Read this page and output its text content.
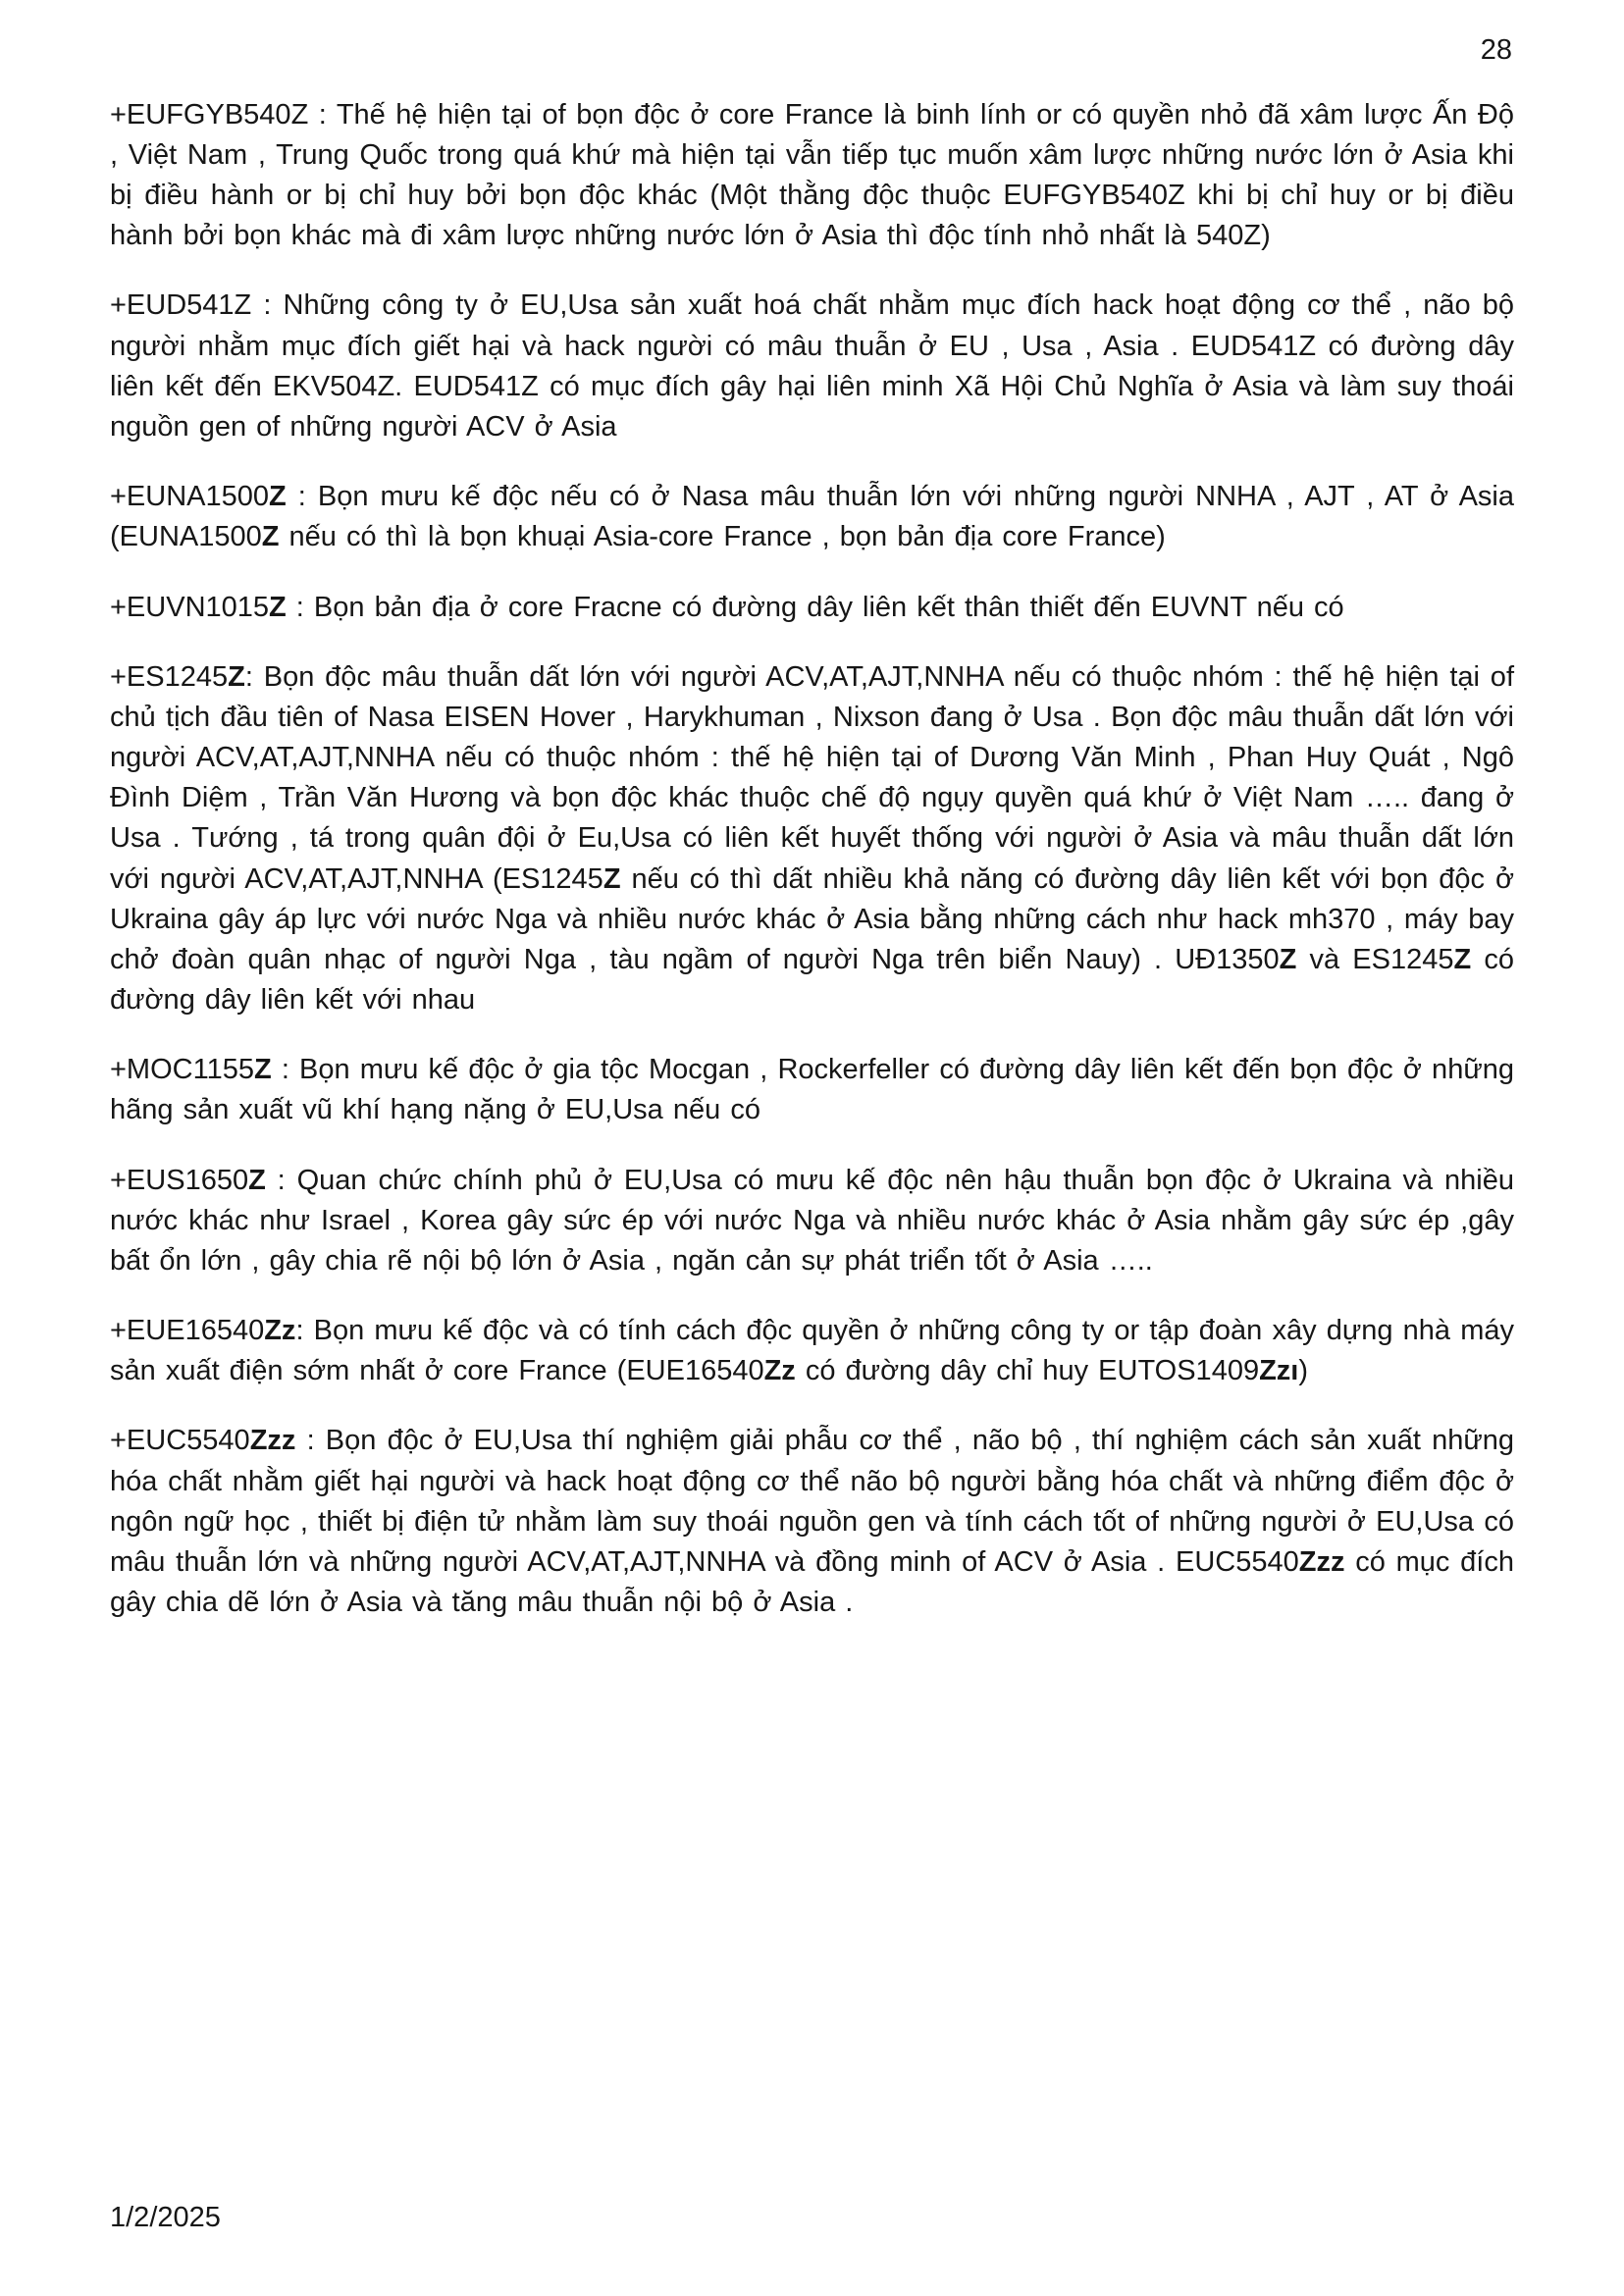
28

+EUFGYB540Z : Thế hệ hiện tại of bọn độc ở core France là binh lính or có quyền nhỏ đã xâm lược Ấn Độ , Việt Nam , Trung Quốc trong quá khứ mà hiện tại vẫn tiếp tục muốn xâm lược những nước lớn ở Asia khi bị điều hành or bị chỉ huy bởi bọn độc khác (Một thằng độc thuộc EUFGYB540Z khi bị chỉ huy or bị điều hành bởi bọn khác mà đi xâm lược những nước lớn ở Asia thì độc tính nhỏ nhất là 540Z)

+EUD541Z : Những công ty ở EU,Usa sản xuất hoá chất nhằm mục đích hack hoạt động cơ thể , não bộ người nhằm mục đích giết hại và hack người có mâu thuẫn ở EU , Usa , Asia . EUD541Z có đường dây liên kết đến EKV504Z. EUD541Z có mục đích gây hại liên minh Xã Hội Chủ Nghĩa ở Asia và làm suy thoái nguồn gen of những người ACV ở Asia

+EUNA1500Z : Bọn mưu kế độc nếu có ở Nasa mâu thuẫn lớn với những người NNHA , AJT , AT ở Asia (EUNA1500Z nếu có thì là bọn khuại Asia-core France , bọn bản địa core France)

+EUVN1015Z : Bọn bản địa ở core Fracne có đường dây liên kết thân thiết đến EUVNT nếu có

+ES1245Z: Bọn độc mâu thuẫn dất lớn với người ACV,AT,AJT,NNHA nếu có thuộc nhóm : thế hệ hiện tại of chủ tịch đầu tiên of Nasa EISEN Hover , Harykhuman , Nixson đang ở Usa . Bọn độc mâu thuẫn dất lớn với người ACV,AT,AJT,NNHA nếu có thuộc nhóm : thế hệ hiện tại of Dương Văn Minh , Phan Huy Quát , Ngô Đình Diệm , Trần Văn Hương và bọn độc khác thuộc chế độ ngụy quyền quá khứ ở Việt Nam ….. đang ở Usa . Tướng , tá trong quân đội ở Eu,Usa có liên kết huyết thống với người ở Asia và mâu thuẫn dất lớn với người ACV,AT,AJT,NNHA (ES1245Z nếu có thì dất nhiều khả năng có đường dây liên kết với bọn độc ở Ukraina gây áp lực với nước Nga và nhiều nước khác ở Asia bằng những cách như hack mh370 , máy bay chở đoàn quân nhạc of người Nga , tàu ngầm of người Nga trên biển Nauy) . UĐ1350Z và ES1245Z có đường dây liên kết với nhau

+MOC1155Z : Bọn mưu kế độc ở gia tộc Mocgan , Rockerfeller có đường dây liên kết đến bọn độc ở những hãng sản xuất vũ khí hạng nặng ở EU,Usa nếu có

+EUS1650Z : Quan chức chính phủ ở EU,Usa có mưu kế độc nên hậu thuẫn bọn độc ở Ukraina và nhiều nước khác như Israel , Korea gây sức ép với nước Nga và nhiều nước khác ở Asia nhằm gây sức ép ,gây bất ổn lớn , gây chia rẽ nội bộ lớn ở Asia , ngăn cản sự phát triển tốt ở Asia …..

+EUE16540Zz: Bọn mưu kế độc và có tính cách độc quyền ở những công ty or tập đoàn xây dựng nhà máy sản xuất điện sớm nhất ở core France (EUE16540Zz có đường dây chỉ huy EUTOS1409Zzı)

+EUC5540Zzz : Bọn độc ở EU,Usa thí nghiệm giải phẫu cơ thể , não bộ , thí nghiệm cách sản xuất những hóa chất nhằm giết hại người và hack hoạt động cơ thể não bộ người bằng hóa chất và những điểm độc ở ngôn ngữ học , thiết bị điện tử nhằm làm suy thoái nguồn gen và tính cách tốt of những người ở EU,Usa có mâu thuẫn lớn và những người ACV,AT,AJT,NNHA và đồng minh of ACV ở Asia . EUC5540Zzz có mục đích gây chia dẽ lớn ở Asia và tăng mâu thuẫn nội bộ ở Asia .

1/2/2025
